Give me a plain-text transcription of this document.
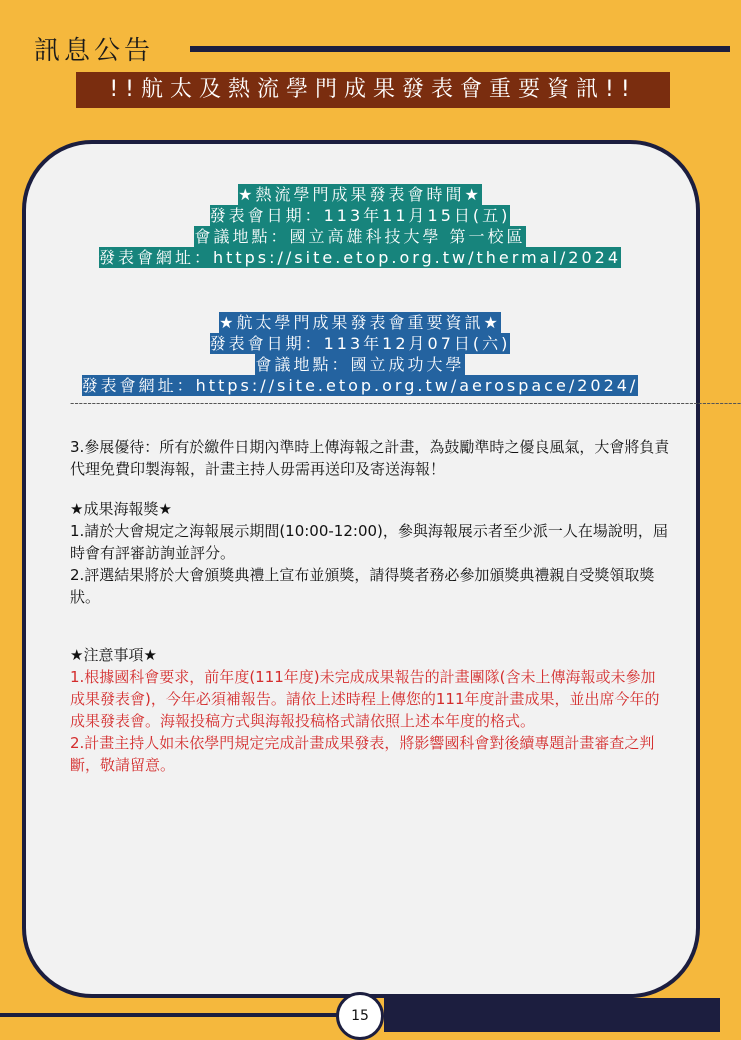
訊息公告
!!航太及熱流學門成果發表會重要資訊!!
★熱流學門成果發表會時間★
發表會日期：113年11月15日(五)
會議地點：國立高雄科技大學 第一校區
發表會網址：https://site.etop.org.tw/thermal/2024
★航太學門成果發表會重要資訊★
發表會日期：113年12月07日(六)
會議地點：國立成功大學
發表會網址：https://site.etop.org.tw/aerospace/2024/
-----------------------------------------------------------------------------------------------------------------------------------------------------------

3.參展優待：所有於繳件日期內準時上傳海報之計畫，為鼓勵準時之優良風氣，大會將負責代理免費印製海報，計畫主持人毋需再送印及寄送海報！

★成果海報獎★

1.請於大會規定之海報展示期間(10:00-12:00)，參與海報展示者至少派一人在場說明，屆時會有評審訪詢並評分。

2.評選結果將於大會頒獎典禮上宣布並頒獎，請得獎者務必參加頒獎典禮親自受獎領取獎狀。

★注意事項★

1.根據國科會要求，前年度(111年度)未完成成果報告的計畫團隊(含未上傳海報或未參加成果發表會)，今年必須補報告。請依上述時程上傳您的111年度計畫成果，並出席今年的成果發表會。海報投稿方式與海報投稿格式請依照上述本年度的格式。

2.計畫主持人如未依學門規定完成計畫成果發表，將影響國科會對後續專題計畫審查之判斷，敬請留意。

15
